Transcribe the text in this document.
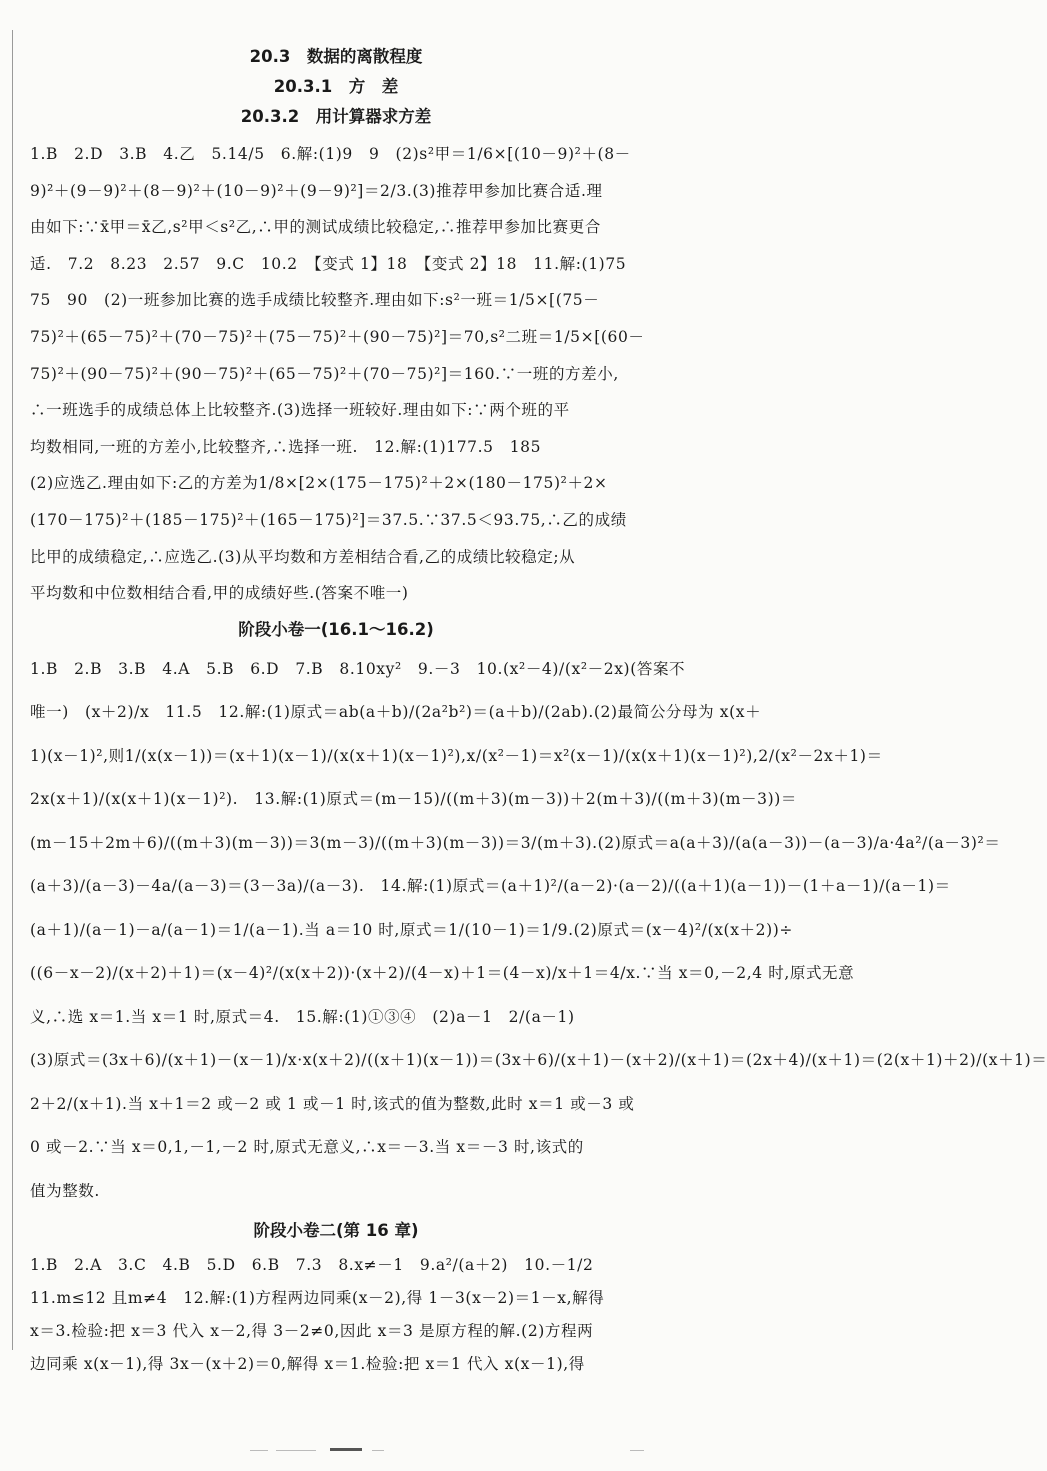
20.3　数据的离散程度
20.3.1　方　差
20.3.2　用计算器求方差
1.B　2.D　3.B　4.乙　5.14/5　6.解:(1)9　9　(2)s²甲＝1/6×[(10－9)²＋(8－
9)²＋(9－9)²＋(8－9)²＋(10－9)²＋(9－9)²]＝2/3.(3)推荐甲参加比赛合适.理
由如下:∵x̄甲＝x̄乙,s²甲＜s²乙,∴甲的测试成绩比较稳定,∴推荐甲参加比赛更合
适.　7.2　8.23　2.57　9.C　10.2　【变式 1】18　【变式 2】18　11.解:(1)75
75　90　(2)一班参加比赛的选手成绩比较整齐.理由如下:s²一班＝1/5×[(75－
75)²＋(65－75)²＋(70－75)²＋(75－75)²＋(90－75)²]＝70,s²二班＝1/5×[(60－
75)²＋(90－75)²＋(90－75)²＋(65－75)²＋(70－75)²]＝160.∵一班的方差小,
∴一班选手的成绩总体上比较整齐.(3)选择一班较好.理由如下:∵两个班的平
均数相同,一班的方差小,比较整齐,∴选择一班.　12.解:(1)177.5　185
(2)应选乙.理由如下:乙的方差为1/8×[2×(175－175)²＋2×(180－175)²＋2×
(170－175)²＋(185－175)²＋(165－175)²]＝37.5.∵37.5＜93.75,∴乙的成绩
比甲的成绩稳定,∴应选乙.(3)从平均数和方差相结合看,乙的成绩比较稳定;从
平均数和中位数相结合看,甲的成绩好些.(答案不唯一)
阶段小卷一(16.1～16.2)
1.B　2.B　3.B　4.A　5.B　6.D　7.B　8.10xy²　9.－3　10.(x²－4)/(x²－2x)(答案不
唯一)　(x＋2)/x　11.5　12.解:(1)原式＝ab(a＋b)/(2a²b²)＝(a＋b)/(2ab).(2)最简公分母为 x(x＋
1)(x－1)²,则1/(x(x－1))＝(x＋1)(x－1)/(x(x＋1)(x－1)²),x/(x²－1)＝x²(x－1)/(x(x＋1)(x－1)²),2/(x²－2x＋1)＝
2x(x＋1)/(x(x＋1)(x－1)²).　13.解:(1)原式＝(m－15)/((m＋3)(m－3))＋2(m＋3)/((m＋3)(m－3))＝
(m－15＋2m＋6)/((m＋3)(m－3))＝3(m－3)/((m＋3)(m－3))＝3/(m＋3).(2)原式＝a(a＋3)/(a(a－3))－(a－3)/a·4a²/(a－3)²＝
(a＋3)/(a－3)－4a/(a－3)＝(3－3a)/(a－3).　14.解:(1)原式＝(a＋1)²/(a－2)·(a－2)/((a＋1)(a－1))－(1＋a－1)/(a－1)＝
(a＋1)/(a－1)－a/(a－1)＝1/(a－1).当 a＝10 时,原式＝1/(10－1)＝1/9.(2)原式＝(x－4)²/(x(x＋2))÷
((6－x－2)/(x＋2)＋1)＝(x－4)²/(x(x＋2))·(x＋2)/(4－x)＋1＝(4－x)/x＋1＝4/x.∵当 x＝0,－2,4 时,原式无意
义,∴选 x＝1.当 x＝1 时,原式＝4.　15.解:(1)①③④　(2)a－1　2/(a－1)
(3)原式＝(3x＋6)/(x＋1)－(x－1)/x·x(x＋2)/((x＋1)(x－1))＝(3x＋6)/(x＋1)－(x＋2)/(x＋1)＝(2x＋4)/(x＋1)＝(2(x＋1)＋2)/(x＋1)＝
2＋2/(x＋1).当 x＋1＝2 或－2 或 1 或－1 时,该式的值为整数,此时 x＝1 或－3 或
0 或－2.∵当 x＝0,1,－1,－2 时,原式无意义,∴x＝－3.当 x＝－3 时,该式的
值为整数.
阶段小卷二(第 16 章)
1.B　2.A　3.C　4.B　5.D　6.B　7.3　8.x≠－1　9.a²/(a＋2)　10.－1/2
11.m≤12 且m≠4　12.解:(1)方程两边同乘(x－2),得 1－3(x－2)＝1－x,解得
x＝3.检验:把 x＝3 代入 x－2,得 3－2≠0,因此 x＝3 是原方程的解.(2)方程两
边同乘 x(x－1),得 3x－(x＋2)＝0,解得 x＝1.检验:把 x＝1 代入 x(x－1),得
